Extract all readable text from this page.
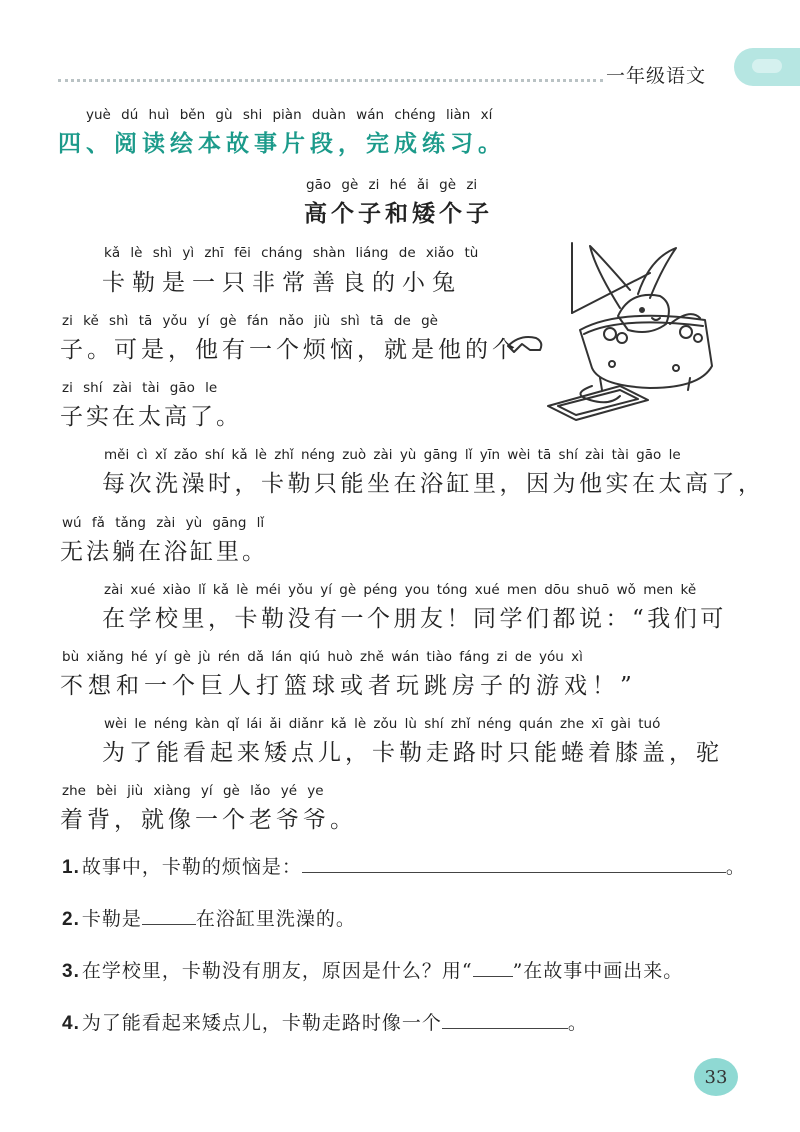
一年级语文
yuè dú huì běn gù shi piàn duàn wán chéng liàn xí
四、阅读绘本故事片段，完成练习。
gāo gè zi hé ǎi gè zi
高个子和矮个子
kǎ lè shì yì zhī fēi cháng shàn liáng de xiǎo tù
卡勒是一只非常善良的小兔
zi kě shì tā yǒu yí gè fán nǎo jiù shì tā de gè
子。可是，他有一个烦恼，就是他的个
zi shí zài tài gāo le
子实在太高了。
měi cì xǐ zǎo shí kǎ lè zhǐ néng zuò zài yù gāng lǐ yīn wèi tā shí zài tài gāo le
每次洗澡时，卡勒只能坐在浴缸里，因为他实在太高了，
wú fǎ tǎng zài yù gāng lǐ
无法躺在浴缸里。
zài xué xiào lǐ kǎ lè méi yǒu yí gè péng you tóng xué men dōu shuō wǒ men kě
在学校里，卡勒没有一个朋友！同学们都说：“我们可
bù xiǎng hé yí gè jù rén dǎ lán qiú huò zhě wán tiào fáng zi de yóu xì
不想和一个巨人打篮球或者玩跳房子的游戏！”
wèi le néng kàn qǐ lái ǎi diǎnr kǎ lè zǒu lù shí zhǐ néng quán zhe xī gài tuó
为了能看起来矮点儿，卡勒走路时只能蜷着膝盖，驼
zhe bèi jiù xiàng yí gè lǎo yé ye
着背，就像一个老爷爷。
1. 故事中，卡勒的烦恼是：	。
2. 卡勒是	在浴缸里洗澡的。
3. 在学校里，卡勒没有朋友，原因是什么？用“ ”在故事中画出来。
4. 为了能看起来矮点儿，卡勒走路时像一个	。
33
